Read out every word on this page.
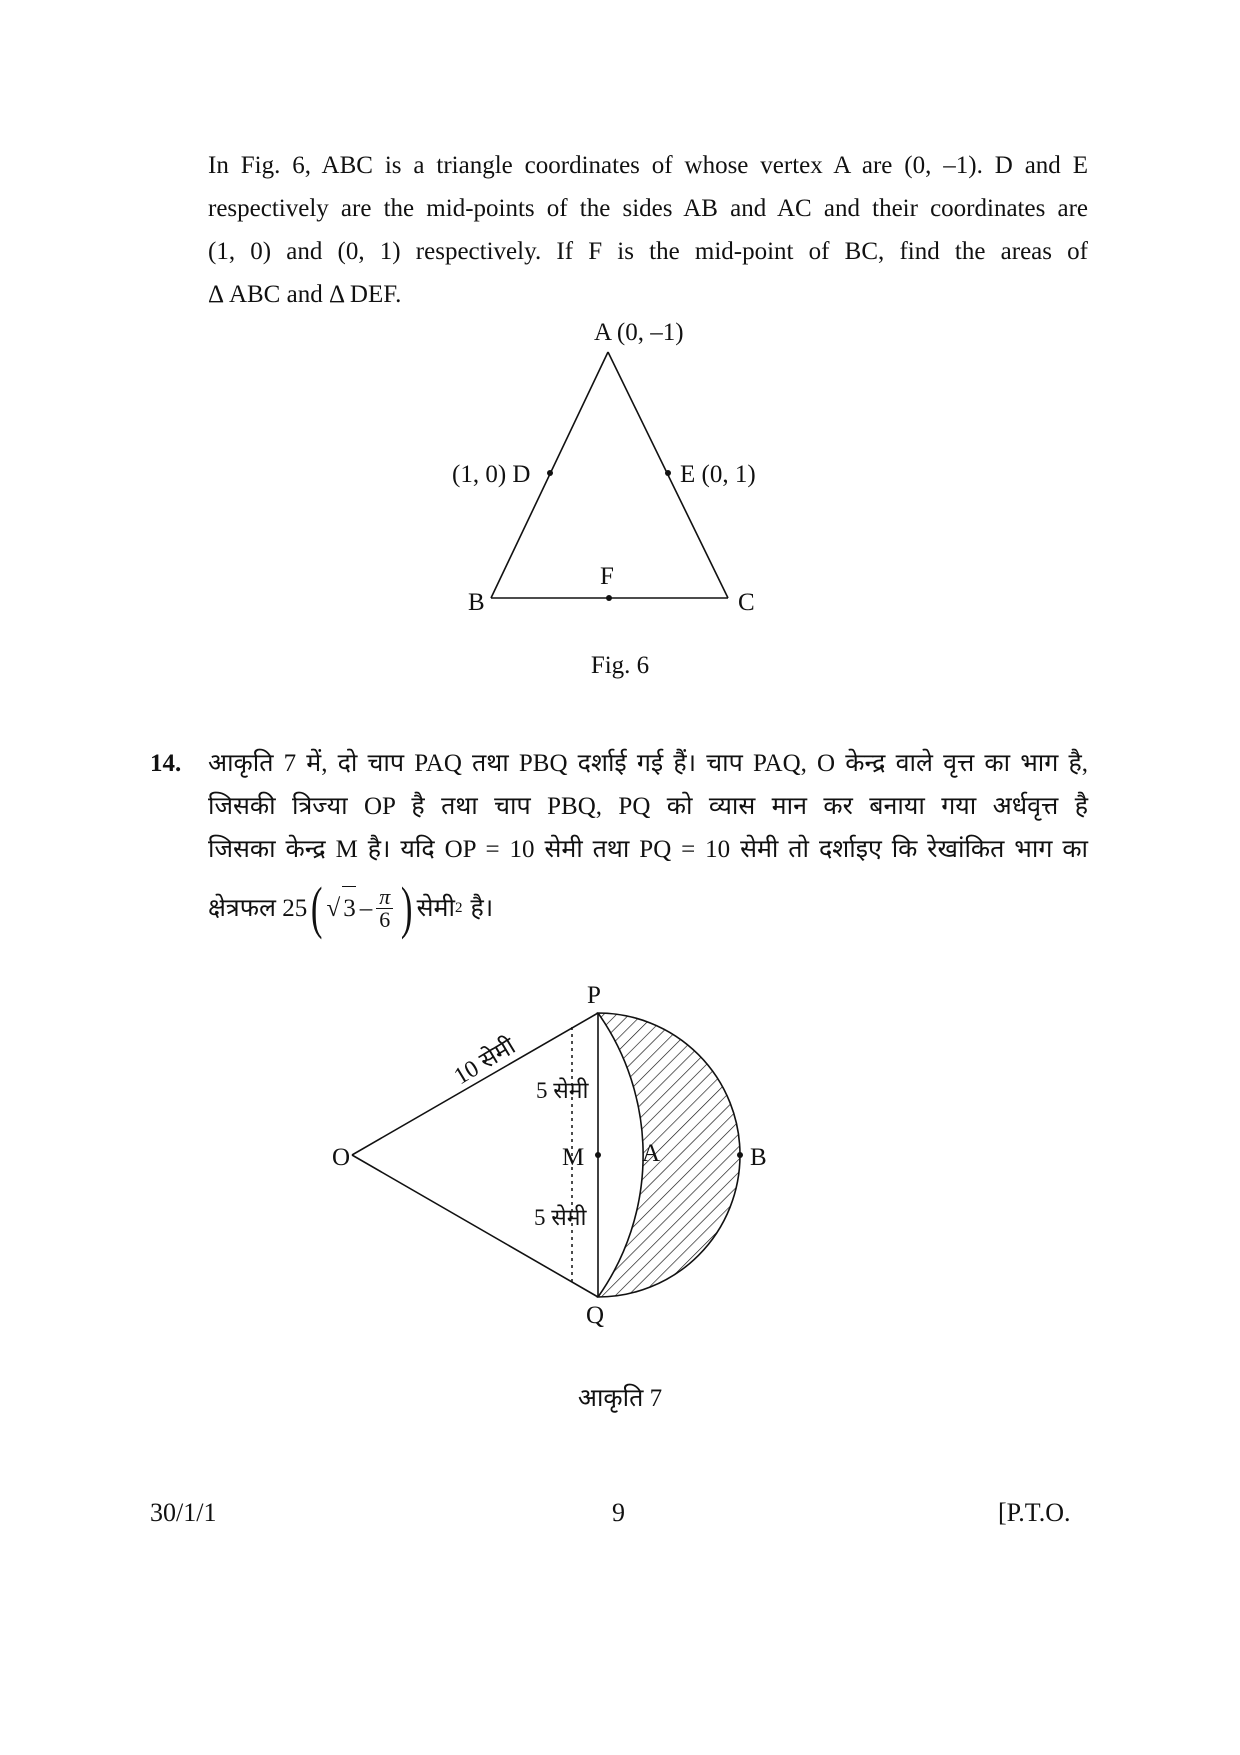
In Fig. 6, ABC is a triangle coordinates of whose vertex A are (0, –1). D and E

respectively are the mid-points of the sides AB and AC and their coordinates are

(1, 0) and (0, 1) respectively. If F is the mid-point of BC, find the areas of

Δ ABC and Δ DEF.

A (0, –1)
(1, 0) D	E (0, 1)
F
B	C
Fig. 6
14. आकृति 7 में, दो चाप PAQ तथा PBQ दर्शाई गई हैं। चाप PAQ, O केन्द्र वाले वृत्त का भाग है,

जिसकी त्रिज्या OP है तथा चाप PBQ, PQ को व्यास मान कर बनाया गया अर्धवृत्त है

जिसका केन्द्र M है। यदि OP = 10 सेमी तथा PQ = 10 सेमी तो दर्शाइए कि रेखांकित भाग का

क्षेत्रफल 25 ( √ $3 - \frac{\pi}{6}$ ) सेमी 2 है।
P
Q
O	M A	B
10 सेमी
5 सेमी
5 सेमी
आकृति 7
30/1/1	9	[P.T.O.
